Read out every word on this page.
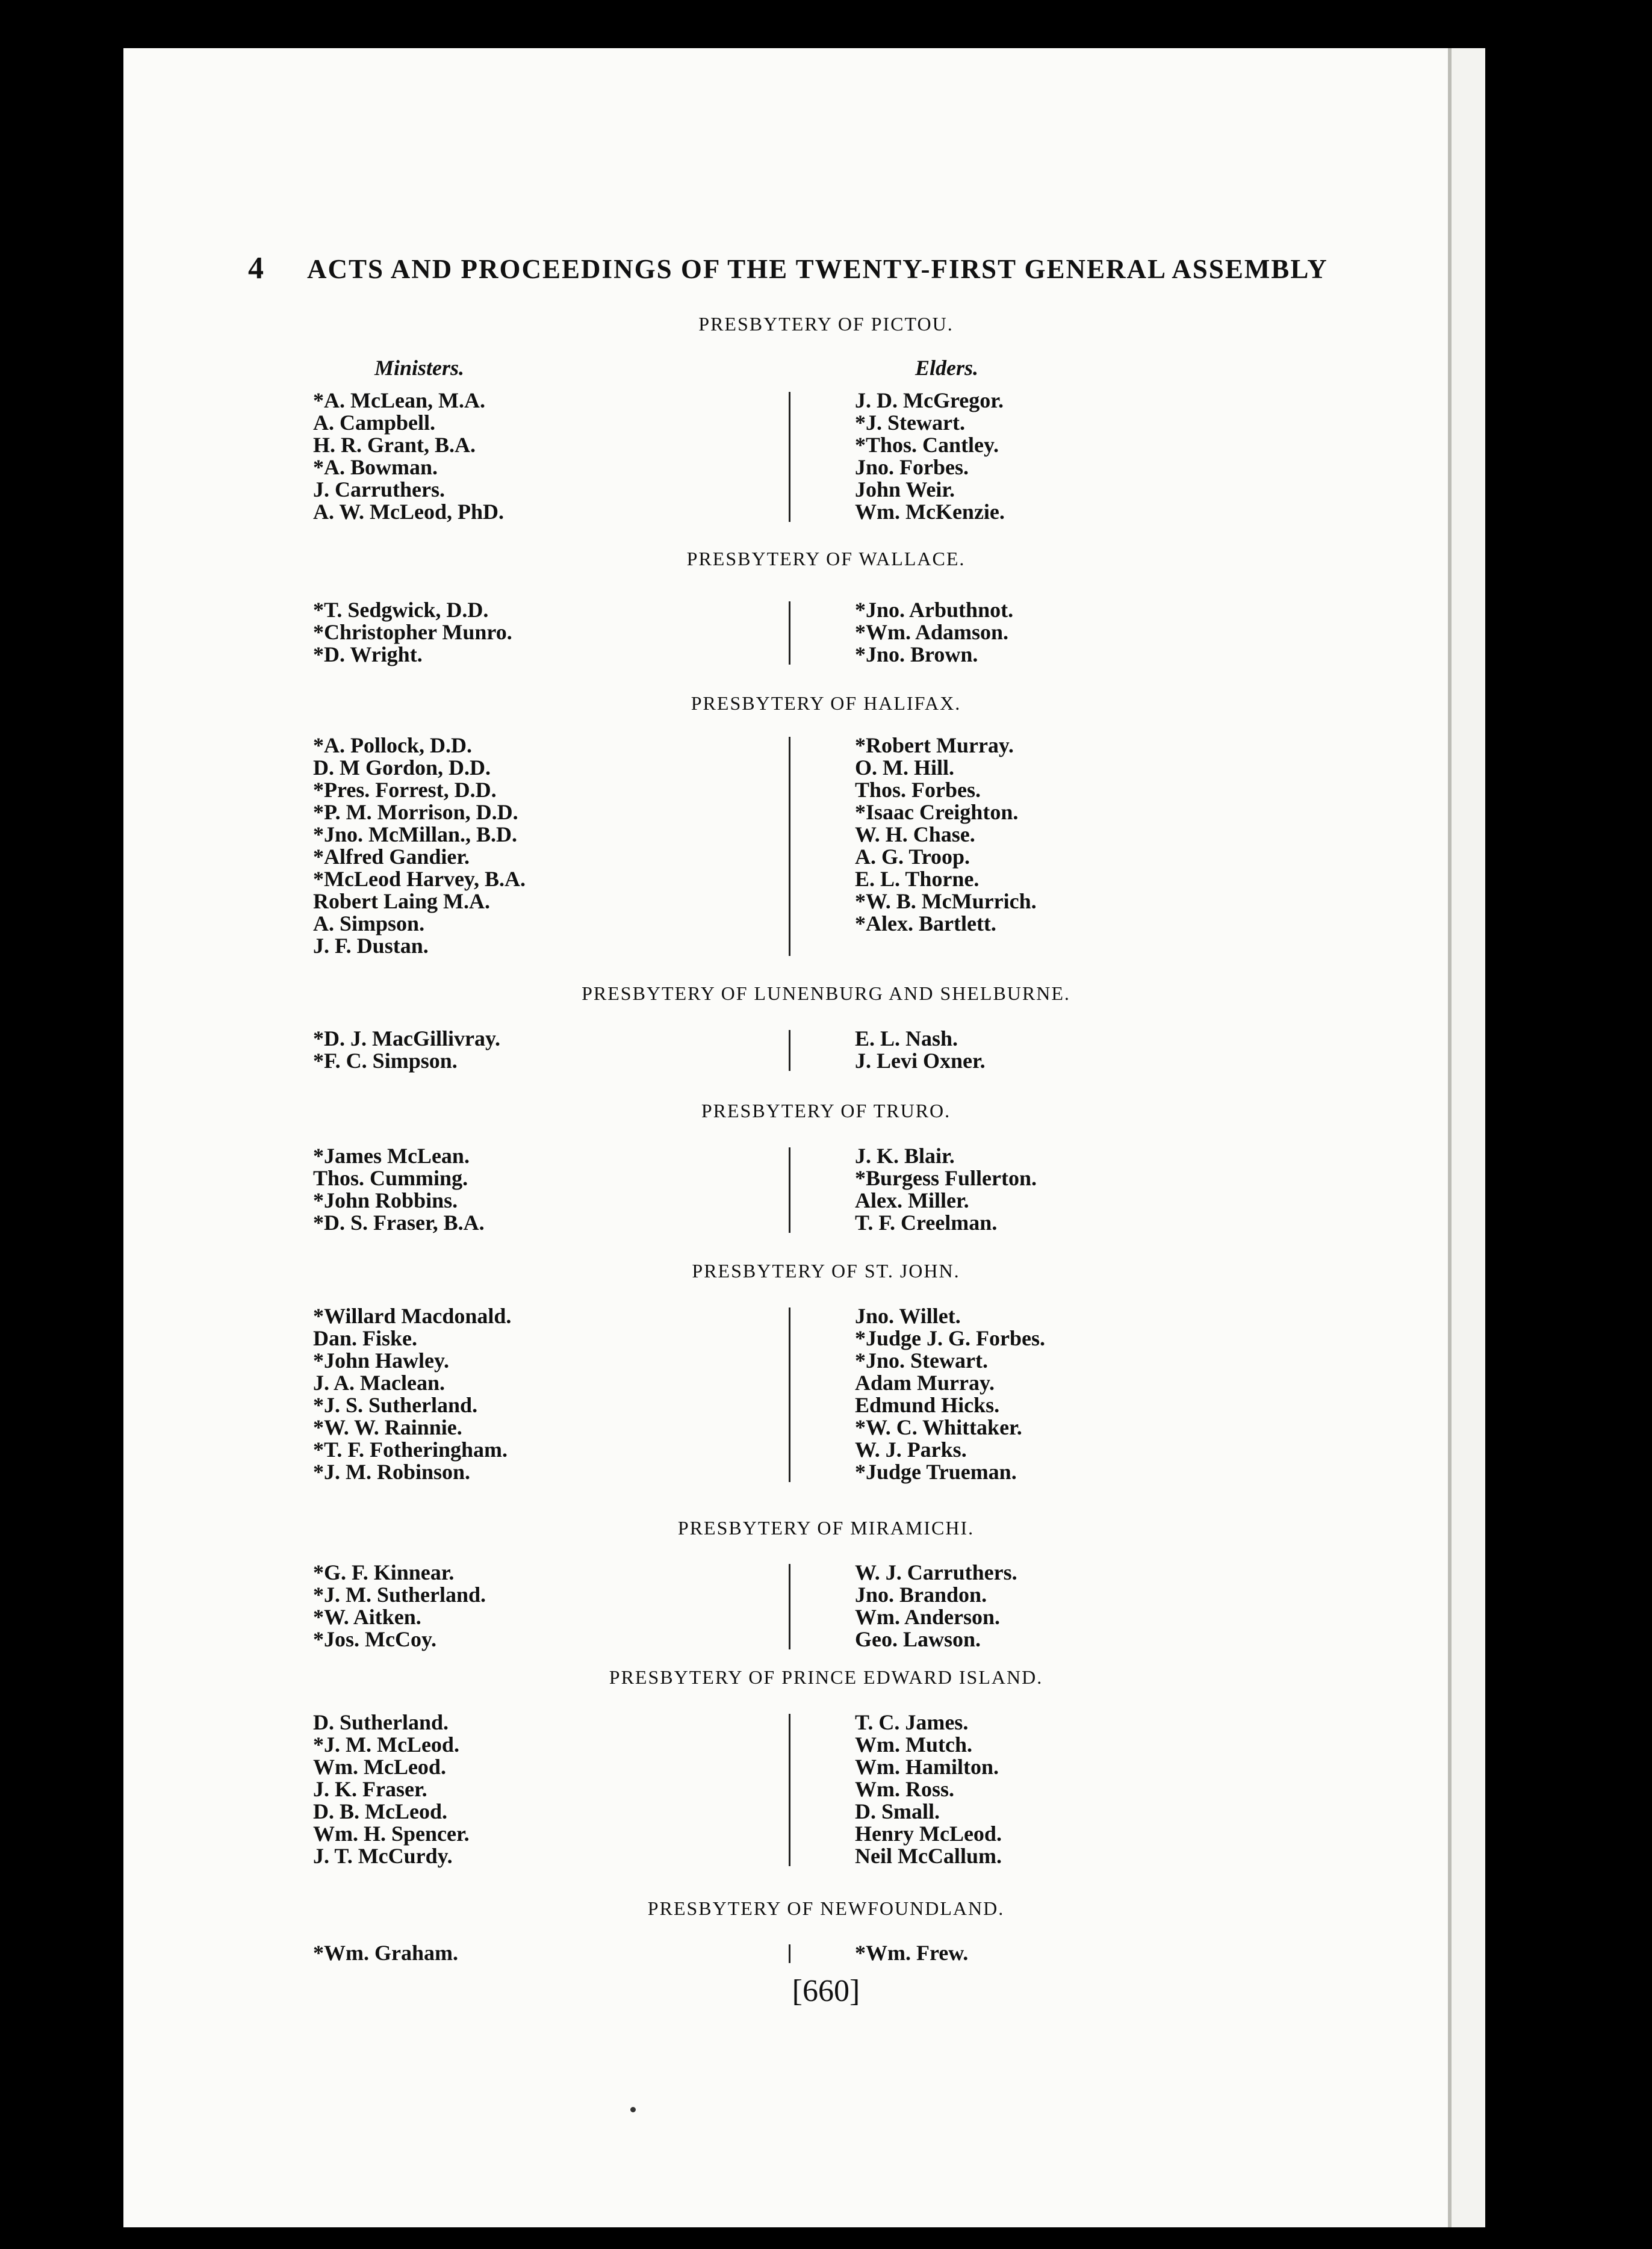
4 ACTS AND PROCEEDINGS OF THE TWENTY-FIRST GENERAL ASSEMBLY
Ministers.	Elders.
PRESBYTERY OF PICTOU.
*A. McLean, M.A.
A. Campbell.
H. R. Grant, B.A.
*A. Bowman.
J. Carruthers.
A. W. McLeod, PhD.
J. D. McGregor.
*J. Stewart.
*Thos. Cantley.
Jno. Forbes.
John Weir.
Wm. McKenzie.
PRESBYTERY OF WALLACE.
*T. Sedgwick, D.D.
*Christopher Munro.
*D. Wright.
*Jno. Arbuthnot.
*Wm. Adamson.
*Jno. Brown.
PRESBYTERY OF HALIFAX.
*A. Pollock, D.D.
D. M Gordon, D.D.
*Pres. Forrest, D.D.
*P. M. Morrison, D.D.
*Jno. McMillan., B.D.
*Alfred Gandier.
*McLeod Harvey, B.A.
Robert Laing M.A.
A. Simpson.
J. F. Dustan.
*Robert Murray.
O. M. Hill.
Thos. Forbes.
*Isaac Creighton.
W. H. Chase.
A. G. Troop.
E. L. Thorne.
*W. B. McMurrich.
*Alex. Bartlett.
PRESBYTERY OF LUNENBURG AND SHELBURNE.
*D. J. MacGillivray.
*F. C. Simpson.
E. L. Nash.
J. Levi Oxner.
PRESBYTERY OF TRURO.
*James McLean.
Thos. Cumming.
*John Robbins.
*D. S. Fraser, B.A.
J. K. Blair.
*Burgess Fullerton.
Alex. Miller.
T. F. Creelman.
PRESBYTERY OF ST. JOHN.
*Willard Macdonald.
Dan. Fiske.
*John Hawley.
J. A. Maclean.
*J. S. Sutherland.
*W. W. Rainnie.
*T. F. Fotheringham.
*J. M. Robinson.
Jno. Willet.
*Judge J. G. Forbes.
*Jno. Stewart.
Adam Murray.
Edmund Hicks.
*W. C. Whittaker.
W. J. Parks.
*Judge Trueman.
PRESBYTERY OF MIRAMICHI.
*G. F. Kinnear.
*J. M. Sutherland.
*W. Aitken.
*Jos. McCoy.
W. J. Carruthers.
Jno. Brandon.
Wm. Anderson.
Geo. Lawson.
PRESBYTERY OF PRINCE EDWARD ISLAND.
D. Sutherland.
*J. M. McLeod.
Wm. McLeod.
J. K. Fraser.
D. B. McLeod.
Wm. H. Spencer.
J. T. McCurdy.
T. C. James.
Wm. Mutch.
Wm. Hamilton.
Wm. Ross.
D. Small.
Henry McLeod.
Neil McCallum.
PRESBYTERY OF NEWFOUNDLAND.
*Wm. Graham.	*Wm. Frew.
[660]
